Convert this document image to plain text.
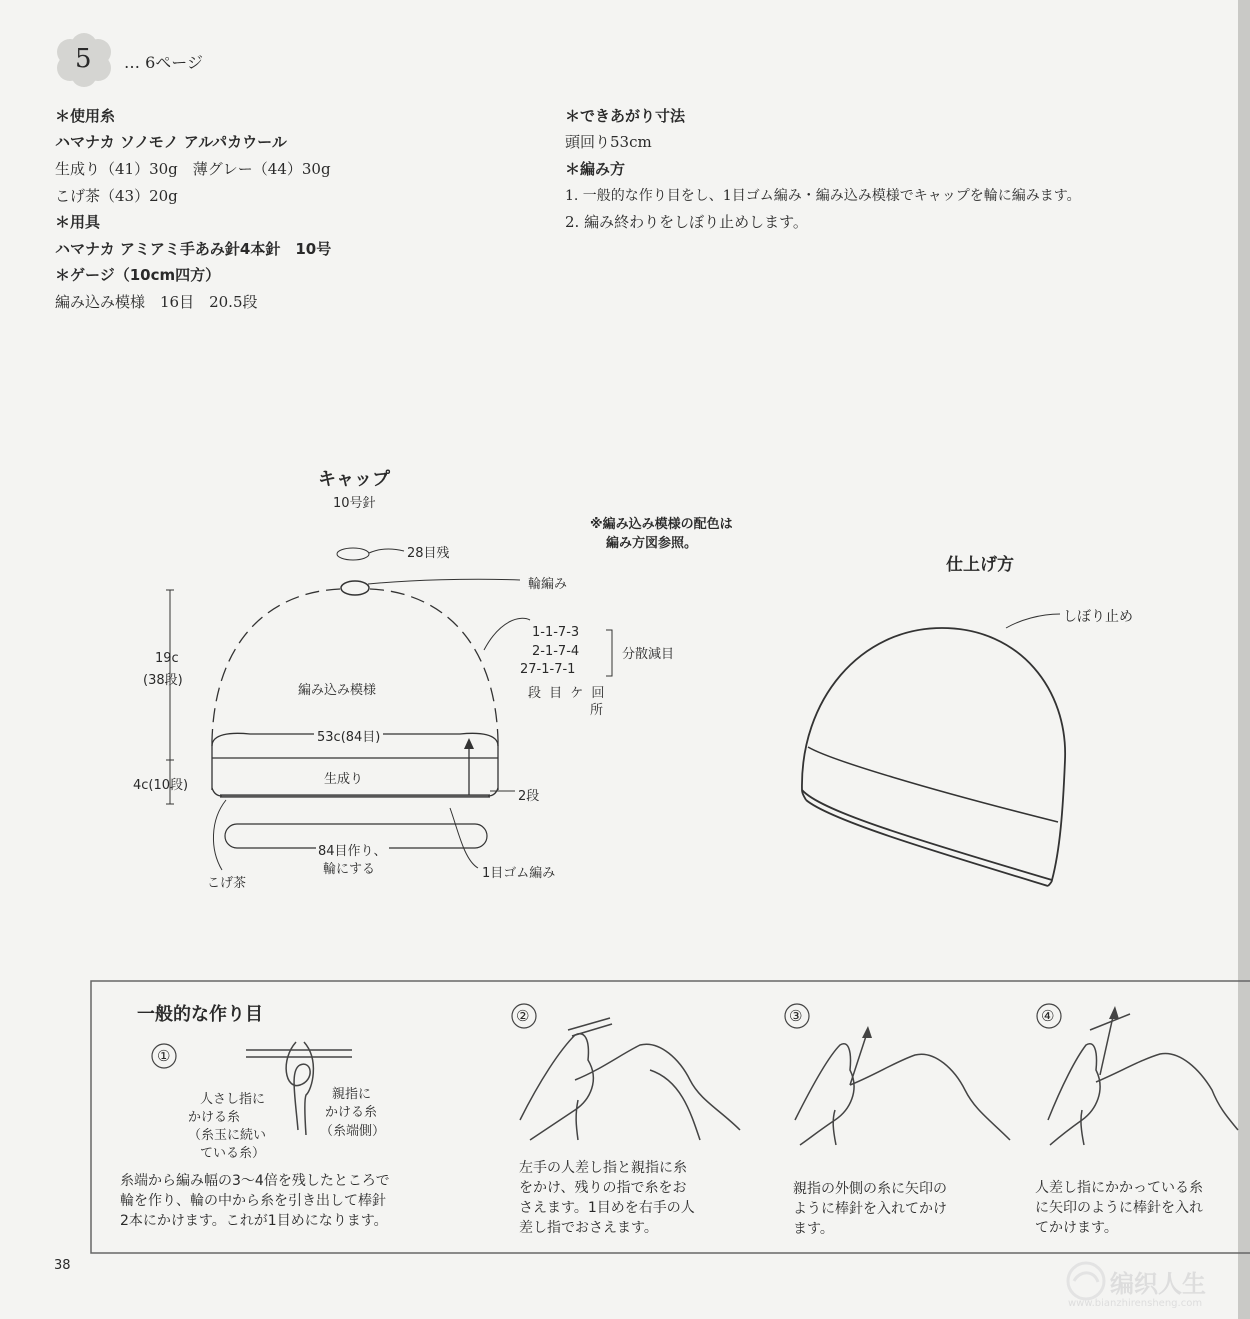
5 … 6ページ
＊使用糸
ハマナカ ソノモノ アルパカウール
生成り（41）30g　薄グレー（44）30g
こげ茶（43）20g
＊用具
ハマナカ アミアミ手あみ針4本針　10号
＊ゲージ（10cm四方）
編み込み模様　16目　20.5段
＊できあがり寸法
頭回り53cm
＊編み方
1. 一般的な作り目をし、1目ゴム編み・編み込み模様でキャップを輪に編みます。
2. 編み終わりをしぼり止めします。
キャップ
10号針
※編み込み模様の配色は
編み方図参照。
28目残
輪編み
1-1-7-3
2-1-7-4
27-1-7-1
分散減目
段 目 ケ 回
所
19c
(38段)
編み込み模様
53c(84目)
4c(10段)	生成り
2段
84目作り、
輪にする	1目ゴム編み
こげ茶
仕上げ方
しぼり止め
一般的な作り目
①
人さし指に
かける糸
（糸玉に続い
ている糸）
親指に
かける糸
（糸端側）
糸端から編み幅の3～4倍を残したところで
輪を作り、輪の中から糸を引き出して棒針
2本にかけます。これが1目めになります。
②
左手の人差し指と親指に糸
をかけ、残りの指で糸をお
さえます。1目めを右手の人
差し指でおさえます。
③
親指の外側の糸に矢印の
ように棒針を入れてかけ
ます。
④
人差し指にかかっている糸
に矢印のように棒針を入れ
てかけます。
38
编织人生
www.bianzhirensheng.com
